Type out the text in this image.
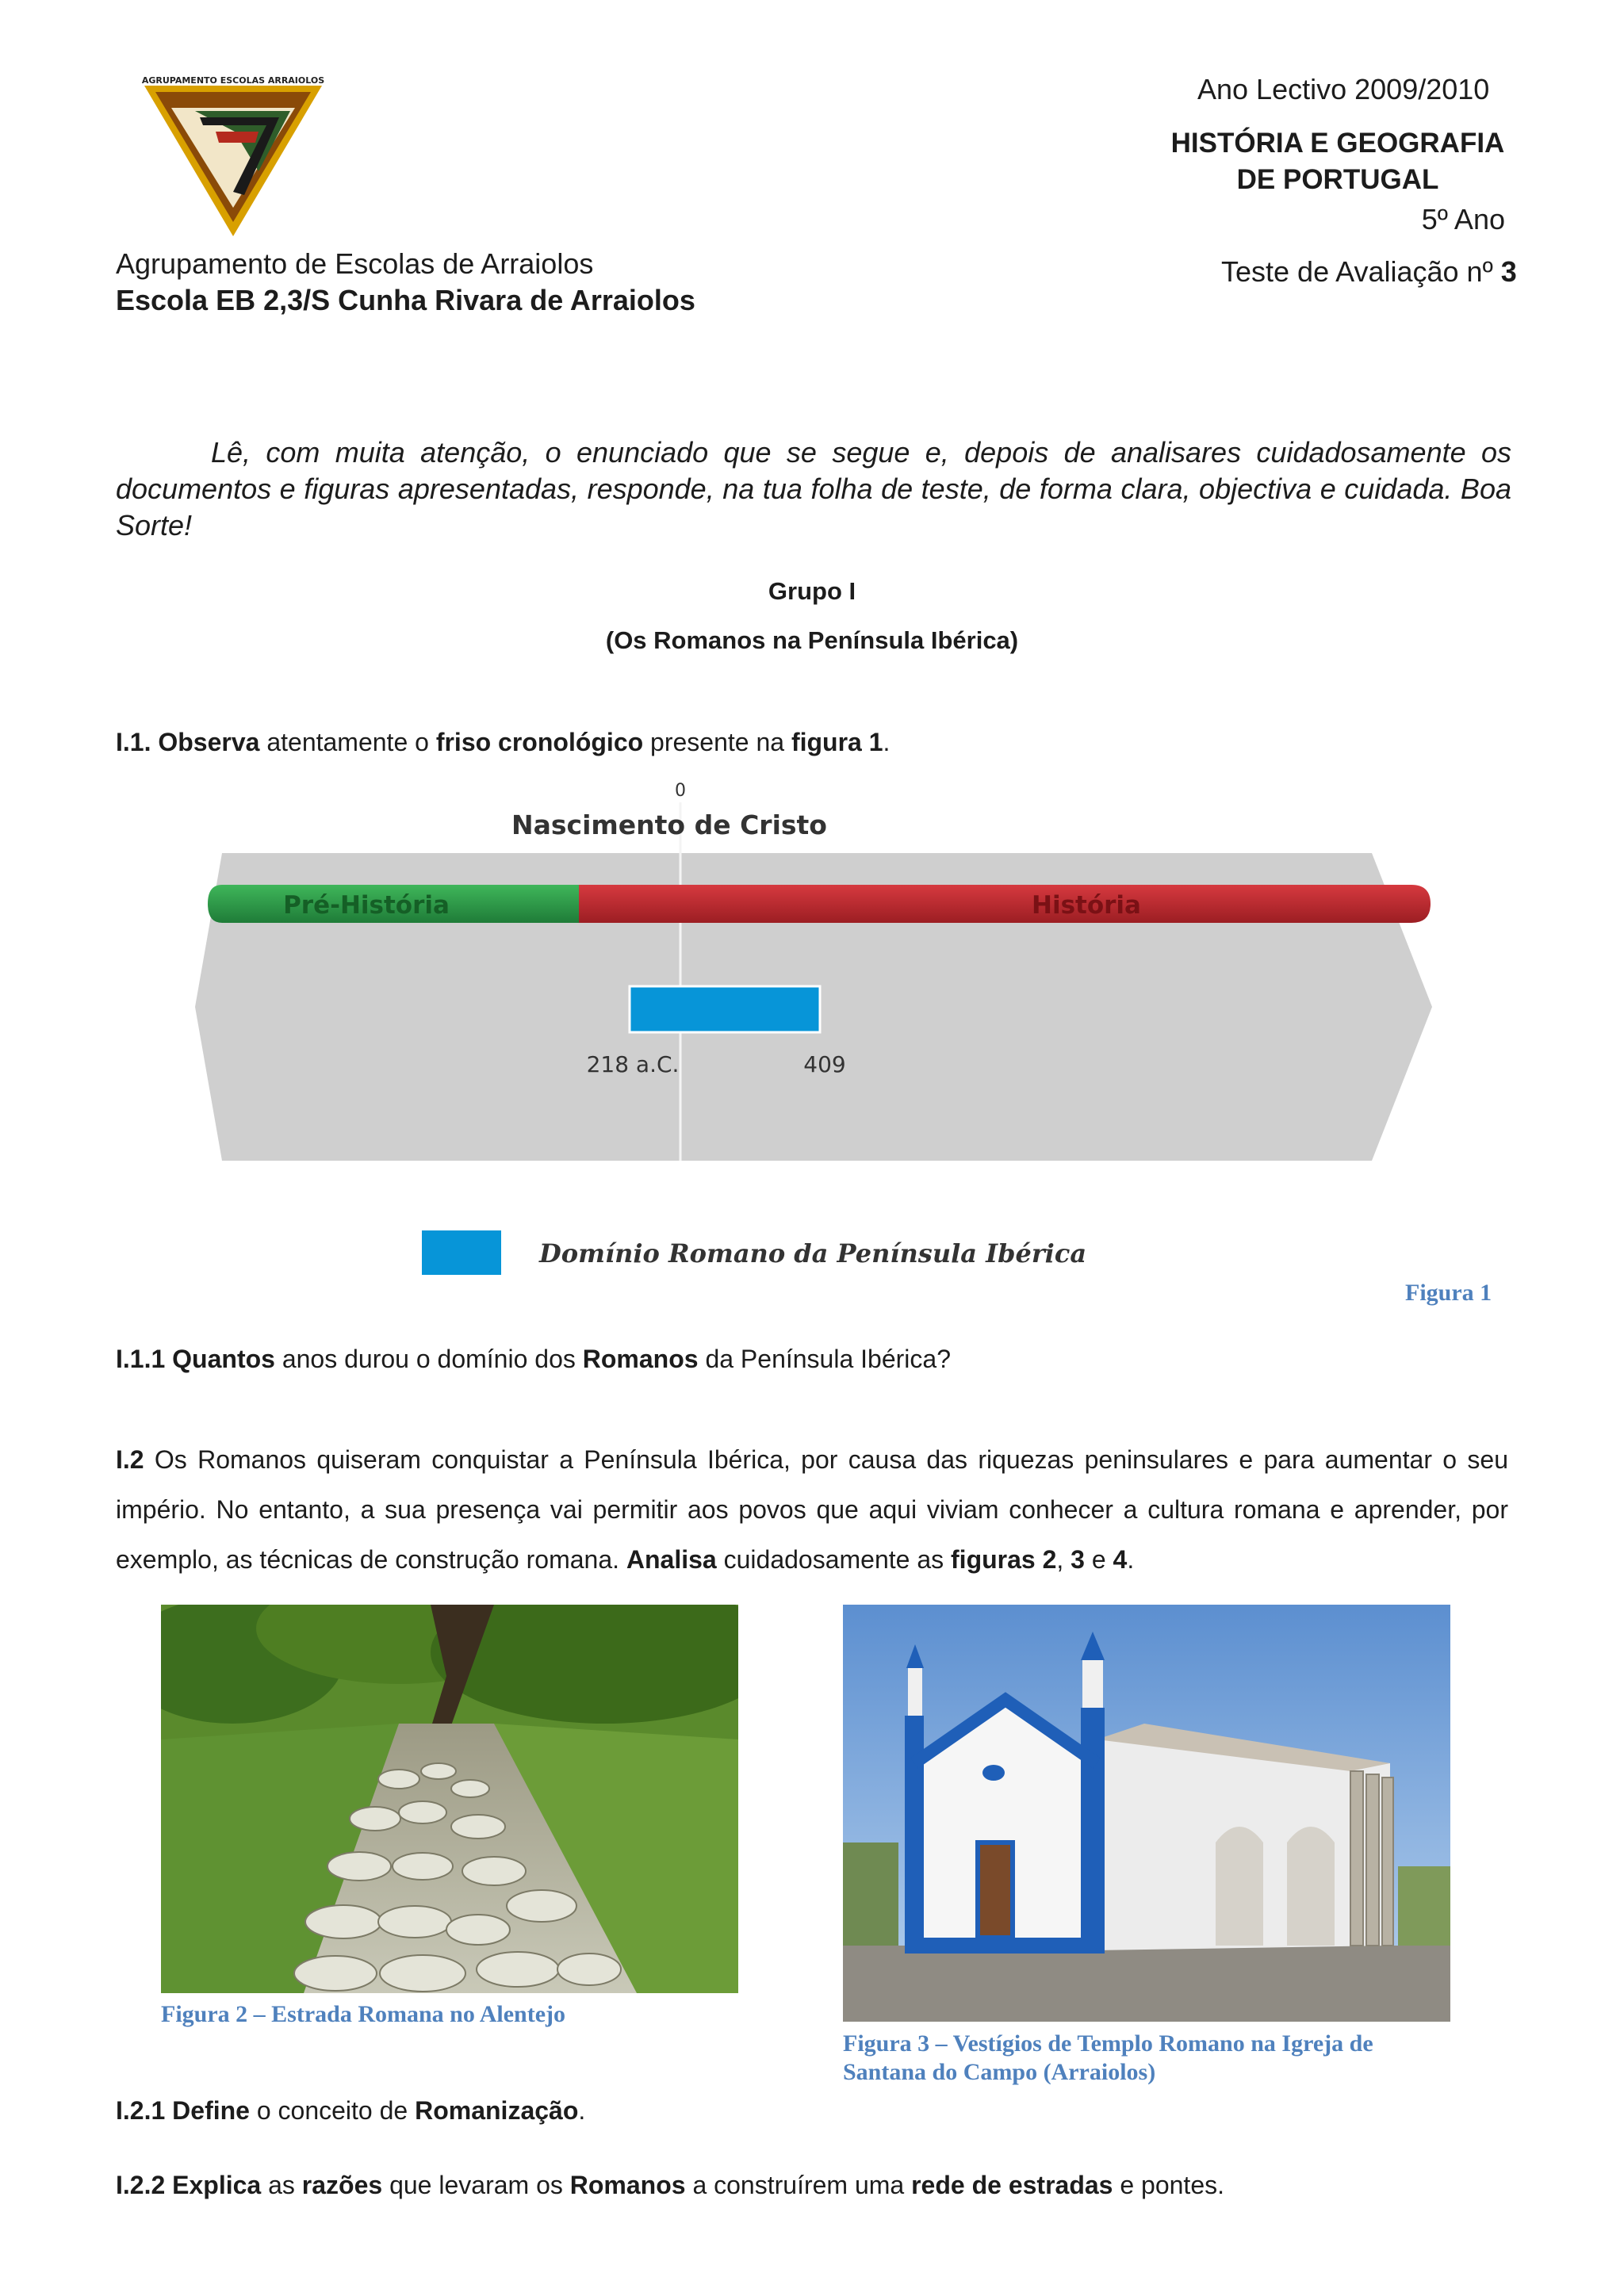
AGRUPAMENTO ESCOLAS ARRAIOLOS
Agrupamento de Escolas de Arraiolos
Escola EB 2,3/S Cunha Rivara de Arraiolos
Ano Lectivo 2009/2010
HISTÓRIA E GEOGRAFIA
DE PORTUGAL
5º Ano
Teste de Avaliação nº 3
Lê, com muita atenção, o enunciado que se segue e, depois de analisares cuidadosamente os documentos e figuras apresentadas, responde, na tua folha de teste, de forma clara, objectiva e cuidada. Boa Sorte!
Grupo I
(Os Romanos na Península Ibérica)
I.1. Observa atentamente o friso cronológico presente na figura 1.
0
Nascimento de Cristo
Pré-História	História
218 a.C.	409
Domínio Romano da Península Ibérica
Figura 1
I.1.1 Quantos anos durou o domínio dos Romanos da Península Ibérica?
I.2 Os Romanos quiseram conquistar a Península Ibérica, por causa das riquezas peninsulares e para aumentar o seu império. No entanto, a sua presença vai permitir aos povos que aqui viviam conhecer a cultura romana e aprender, por exemplo, as técnicas de construção romana. Analisa cuidadosamente as figuras 2, 3 e 4.
Figura 2 – Estrada Romana no Alentejo
Figura 3 – Vestígios de Templo Romano na Igreja de
Santana do Campo (Arraiolos)
I.2.1 Define o conceito de Romanização.
I.2.2 Explica as razões que levaram os Romanos a construírem uma rede de estradas e pontes.
